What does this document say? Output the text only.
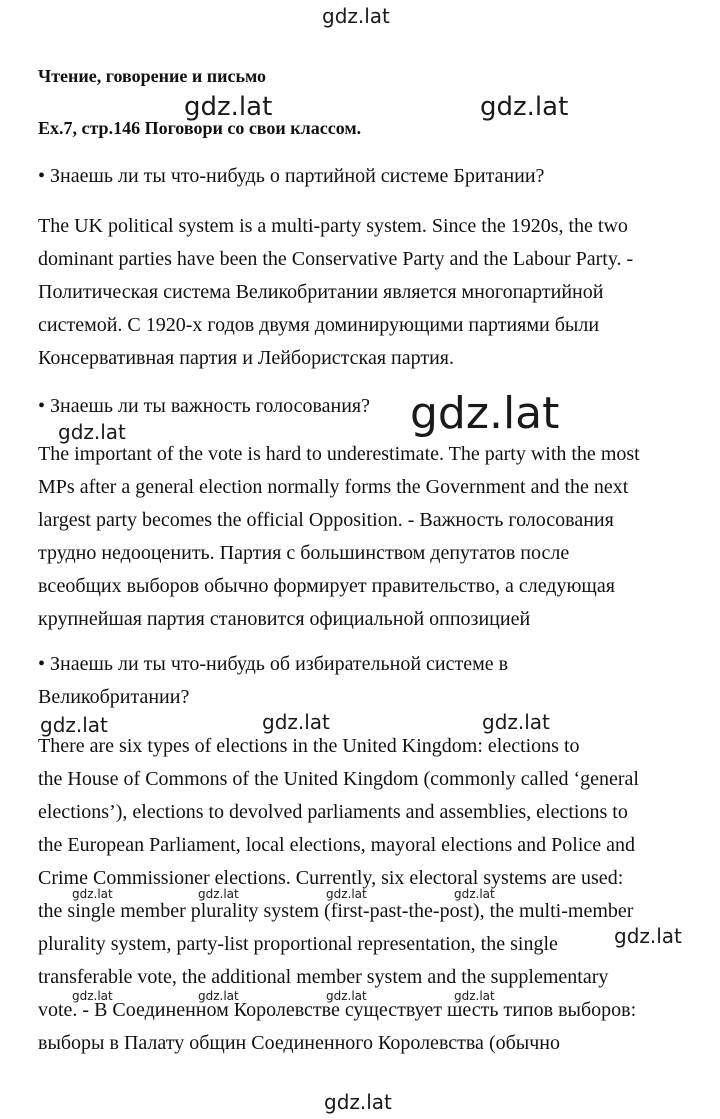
Чтение, говорение и письмо
Ex.7, стр.146 Поговори со свои классом.
• Знаешь ли ты что-нибудь о партийной системе Британии?
The UK political system is a multi-party system. Since the 1920s, the two
dominant parties have been the Conservative Party and the Labour Party. -
Политическая система Великобритании является многопартийной
системой. С 1920-х годов двумя доминирующими партиями были
Консервативная партия и Лейбористская партия.
• Знаешь ли ты важность голосования?
The important of the vote is hard to underestimate. The party with the most
MPs after a general election normally forms the Government and the next
largest party becomes the official Opposition. - Важность голосования
трудно недооценить. Партия с большинством депутатов после
всеобщих выборов обычно формирует правительство, а следующая
крупнейшая партия становится официальной оппозицией
• Знаешь ли ты что-нибудь об избирательной системе в
Великобритании?
There are six types of elections in the United Kingdom: elections to
the House of Commons of the United Kingdom (commonly called ‘general
elections’), elections to devolved parliaments and assemblies, elections to
the European Parliament, local elections, mayoral elections and Police and
Crime Commissioner elections. Currently, six electoral systems are used:
the single member plurality system (first-past-the-post), the multi-member
plurality system, party-list proportional representation, the single
transferable vote, the additional member system and the supplementary
vote. - В Соединенном Королевстве существует шесть типов выборов:
выборы в Палату общин Соединенного Королевства (обычно
gdz.lat
gdz.lat	gdz.lat
gdz.lat
gdz.lat
gdz.lat	gdz.lat	gdz.lat
gdz.lat	gdz.lat	gdz.lat	gdz.lat
gdz.lat
gdz.lat	gdz.lat	gdz.lat	gdz.lat
gdz.lat
